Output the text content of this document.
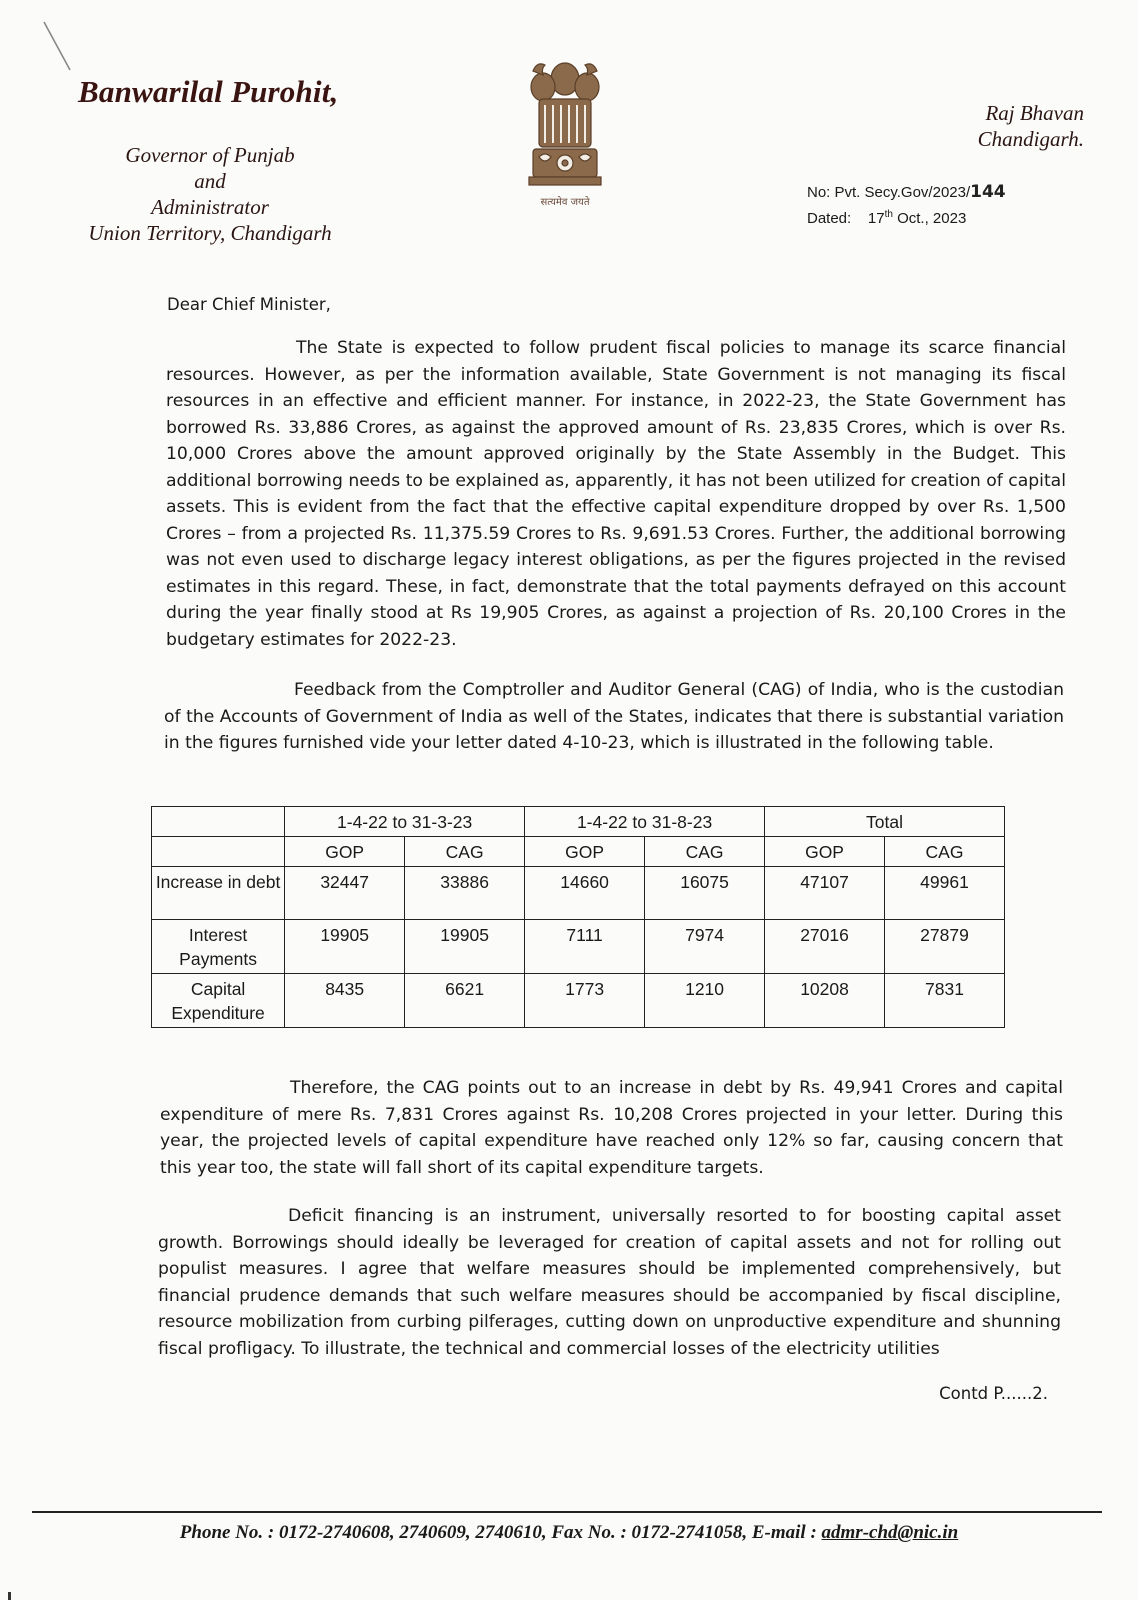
Banwarilal Purohit,
Governor of Punjab
and
Administrator
Union Territory, Chandigarh
सत्यमेव जयते
Raj Bhavan
Chandigarh.
No: Pvt. Secy.Gov/2023/144
Dated: 17th Oct., 2023
Dear Chief Minister,
The State is expected to follow prudent fiscal policies to manage its scarce financial resources. However, as per the information available, State Government is not managing its fiscal resources in an effective and efficient manner. For instance, in 2022-23, the State Government has borrowed Rs. 33,886 Crores, as against the approved amount of Rs. 23,835 Crores, which is over Rs. 10,000 Crores above the amount approved originally by the State Assembly in the Budget. This additional borrowing needs to be explained as, apparently, it has not been utilized for creation of capital assets. This is evident from the fact that the effective capital expenditure dropped by over Rs. 1,500 Crores – from a projected Rs. 11,375.59 Crores to Rs. 9,691.53 Crores. Further, the additional borrowing was not even used to discharge legacy interest obligations, as per the figures projected in the revised estimates in this regard. These, in fact, demonstrate that the total payments defrayed on this account during the year finally stood at Rs 19,905 Crores, as against a projection of Rs. 20,100 Crores in the budgetary estimates for 2022-23.
Feedback from the Comptroller and Auditor General (CAG) of India, who is the custodian of the Accounts of Government of India as well of the States, indicates that there is substantial variation in the figures furnished vide your letter dated 4-10-23, which is illustrated in the following table.
	1-4-22 to 31-3-23		1-4-22 to 31-8-23		Total	
	GOP	CAG	GOP	CAG	GOP	CAG
Increase in debt	32447	33886	14660	16075	47107	49961
Interest Payments	19905	19905	7111	7974	27016	27879
Capital Expenditure	8435	6621	1773	1210	10208	7831
Therefore, the CAG points out to an increase in debt by Rs. 49,941 Crores and capital expenditure of mere Rs. 7,831 Crores against Rs. 10,208 Crores projected in your letter. During this year, the projected levels of capital expenditure have reached only 12% so far, causing concern that this year too, the state will fall short of its capital expenditure targets.
Deficit financing is an instrument, universally resorted to for boosting capital asset growth. Borrowings should ideally be leveraged for creation of capital assets and not for rolling out populist measures. I agree that welfare measures should be implemented comprehensively, but financial prudence demands that such welfare measures should be accompanied by fiscal discipline, resource mobilization from curbing pilferages, cutting down on unproductive expenditure and shunning fiscal profligacy. To illustrate, the technical and commercial losses of the electricity utilities
Contd P......2.
Phone No. : 0172-2740608, 2740609, 2740610, Fax No. : 0172-2741058, E-mail : admr-chd@nic.in
